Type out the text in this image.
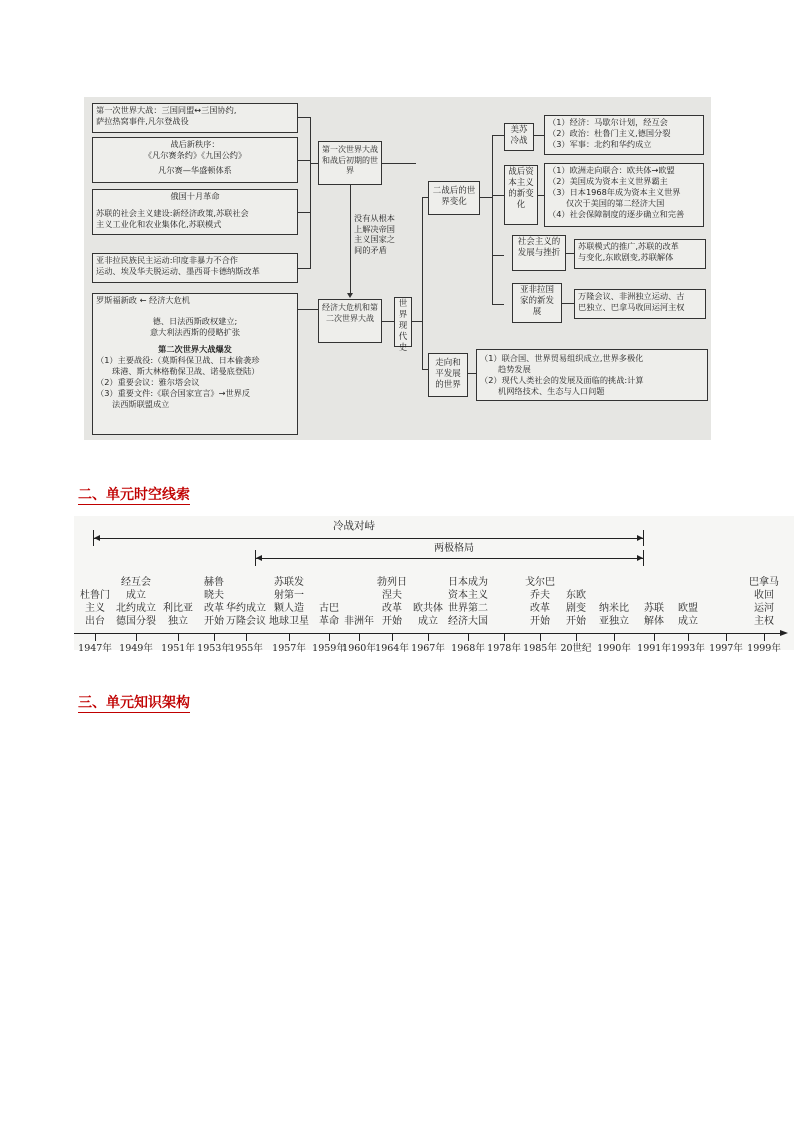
第一次世界大战：三国同盟↔三国协约,
萨拉热窝事件,凡尔登战役
战后新秩序：
《凡尔赛条约》《九国公约》
凡尔赛—华盛顿体系
俄国十月革命
苏联的社会主义建设:新经济政策,苏联社会
主义工业化和农业集体化,苏联模式
亚非拉民族民主运动:印度非暴力不合作
运动、埃及华夫脱运动、墨西哥卡德纳斯改革
罗斯福新政 ← 经济大危机
德、日法西斯政权建立;
意大利法西斯的侵略扩张
第二次世界大战爆发
（1）主要战役:（莫斯科保卫战、日本偷袭珍
珠港、斯大林格勒保卫战、诺曼底登陆）
（2）重要会议：雅尔塔会议
（3）重要文件:《联合国家宣言》→世界反
法西斯联盟成立
第一次世界大战和战后初期的世界
经济大危机和第二次世界大战
没有从根本上解决帝国主义国家之间的矛盾
世界现代史
二战后的世界变化
走向和平发展的世界
美苏冷战
战后资本主义的新变化
社会主义的发展与挫折
亚非拉国家的新发展
（1）经济：马歇尔计划，经互会
（2）政治：杜鲁门主义,德国分裂
（3）军事：北约和华约成立
（1）欧洲走向联合：欧共体→欧盟
（2）美国成为资本主义世界霸主
（3）日本1968年成为资本主义世界
仅次于美国的第二经济大国
（4）社会保障制度的逐步确立和完善
苏联模式的推广,苏联的改革
与变化,东欧剧变,苏联解体
万隆会议、非洲独立运动、古
巴独立、巴拿马收回运河主权
（1）联合国、世界贸易组织成立,世界多极化
趋势发展
（2）现代人类社会的发展及面临的挑战:计算
机网络技术、生态与人口问题
二、单元时空线索
三、单元知识架构
冷战对峙
两极格局
1947年
杜鲁门
主义
出台
1949年
经互会
成立
北约成立
德国分裂
1951年
利比亚
独立
1953年
赫鲁
晓夫
改革
开始
1955年
华约成立
万隆会议
1957年
苏联发
射第一
颗人造
地球卫星
1959年
古巴
革命
1960年
非洲年
1964年
勃列日
涅夫
改革
开始
1967年
欧共体
成立
1968年
日本成为
资本主义
世界第二
经济大国
1978年 1985年
戈尔巴
乔夫
改革
开始
20世纪
东欧
剧变
开始
1990年
纳米比
亚独立
1991年
苏联
解体
1993年
欧盟
成立
1997年 1999年
巴拿马
收回
运河
主权
